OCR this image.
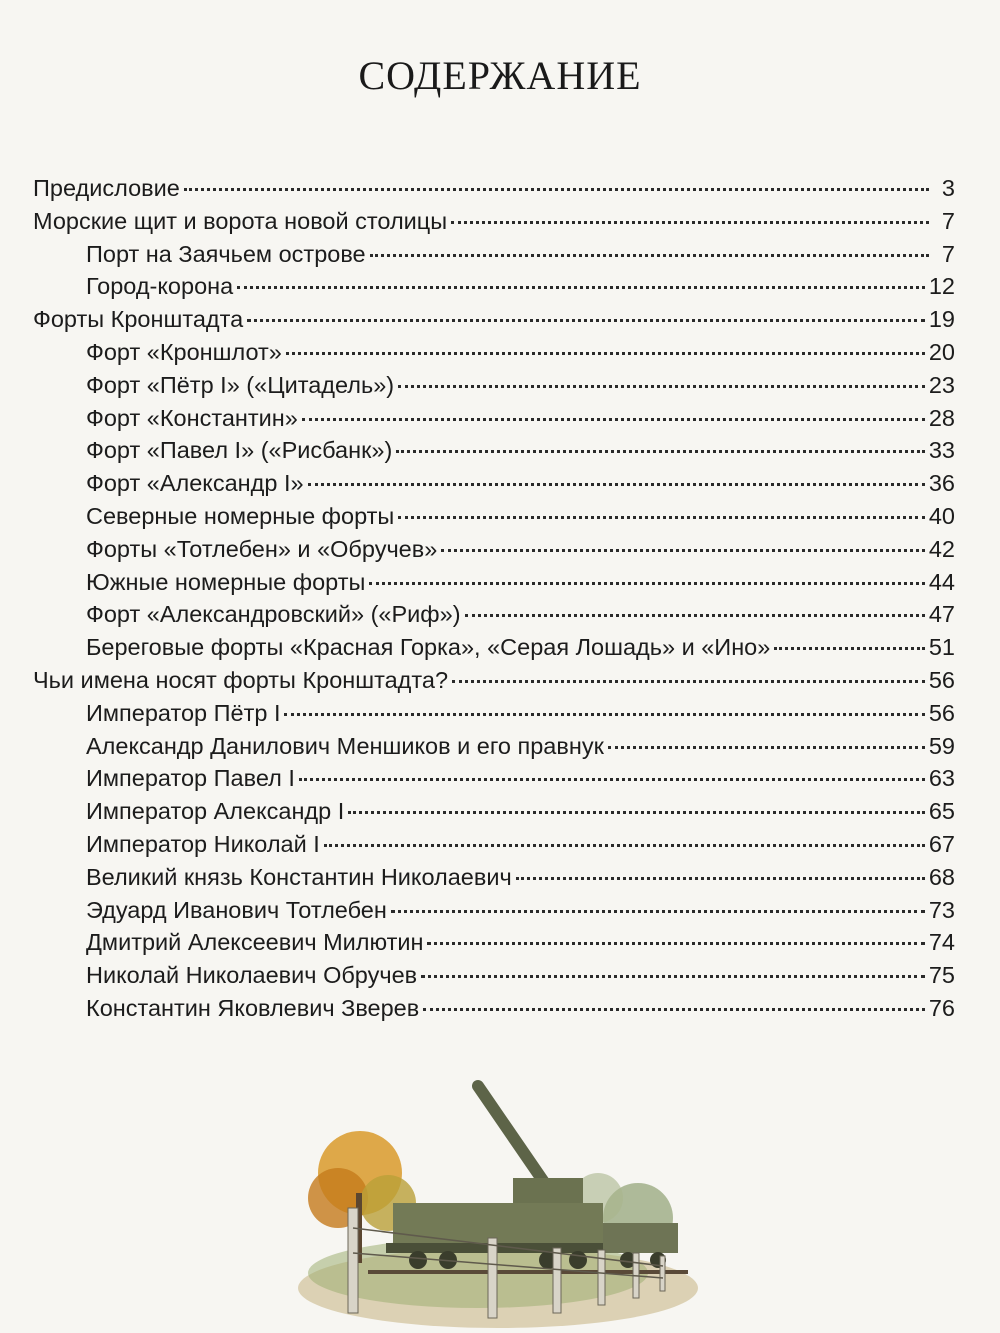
СОДЕРЖАНИЕ
Предисловие	3
Морские щит и ворота новой столицы	7
Порт на Заячьем острове	7
Город-корона	12
Форты Кронштадта	19
Форт «Кроншлот»	20
Форт «Пётр I» («Цитадель»)	23
Форт «Константин»	28
Форт «Павел I» («Рисбанк»)	33
Форт «Александр I»	36
Северные номерные форты	40
Форты «Тотлебен» и «Обручев»	42
Южные номерные форты	44
Форт «Александровский» («Риф»)	47
Береговые форты «Красная Горка», «Серая Лошадь» и «Ино»	51
Чьи имена носят форты Кронштадта?	56
Император Пётр I	56
Александр Данилович Меншиков и его правнук	59
Император Павел I	63
Император Александр I	65
Император Николай I	67
Великий князь Константин Николаевич	68
Эдуард Иванович Тотлебен	73
Дмитрий Алексеевич Милютин	74
Николай Николаевич Обручев	75
Константин Яковлевич Зверев	76
